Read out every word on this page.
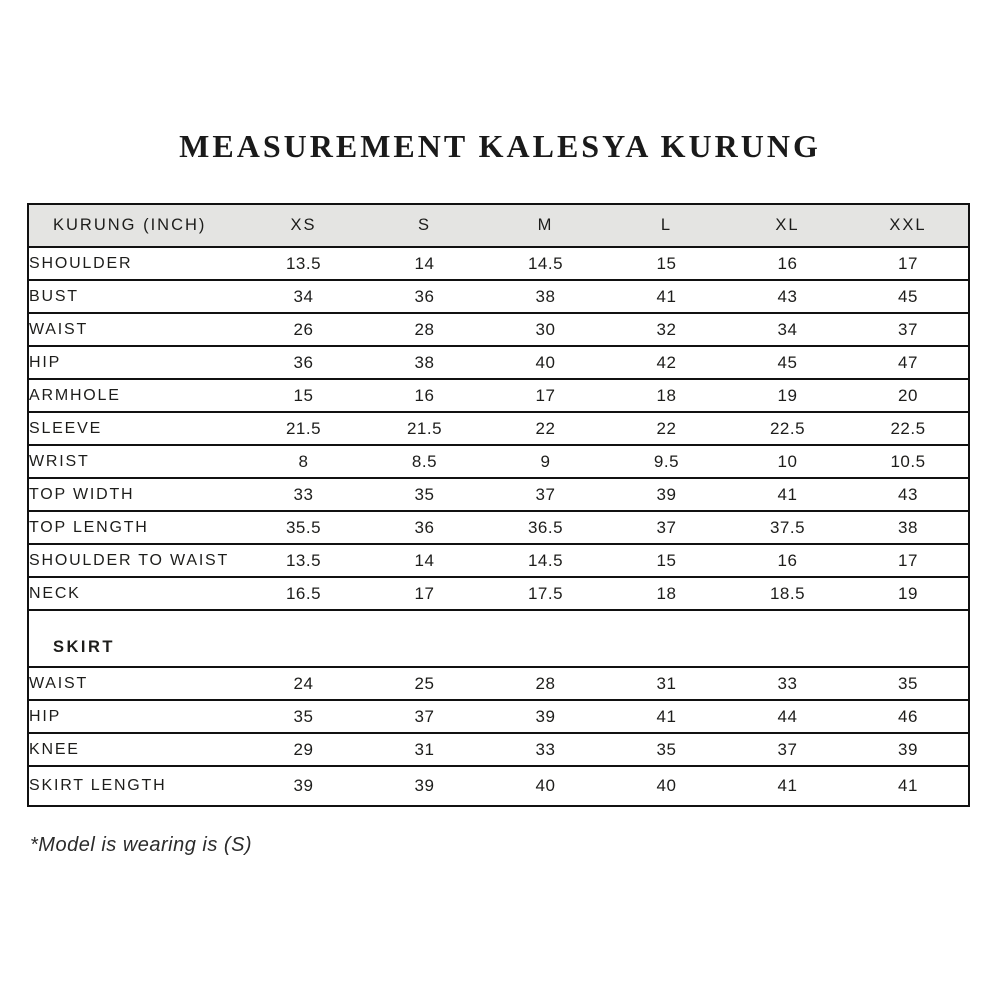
MEASUREMENT KALESYA KURUNG
KURUNG (INCH)	XS	S	M	L	XL	XXL
SHOULDER	13.5	14	14.5	15	16	17
BUST	34	36	38	41	43	45
WAIST	26	28	30	32	34	37
HIP	36	38	40	42	45	47
ARMHOLE	15	16	17	18	19	20
SLEEVE	21.5	21.5	22	22	22.5	22.5
WRIST	8	8.5	9	9.5	10	10.5
TOP WIDTH	33	35	37	39	41	43
TOP LENGTH	35.5	36	36.5	37	37.5	38
SHOULDER TO WAIST	13.5	14	14.5	15	16	17
NECK	16.5	17	17.5	18	18.5	19
SKIRT						
WAIST	24	25	28	31	33	35
HIP	35	37	39	41	44	46
KNEE	29	31	33	35	37	39
SKIRT LENGTH	39	39	40	40	41	41

*Model is wearing is (S)
